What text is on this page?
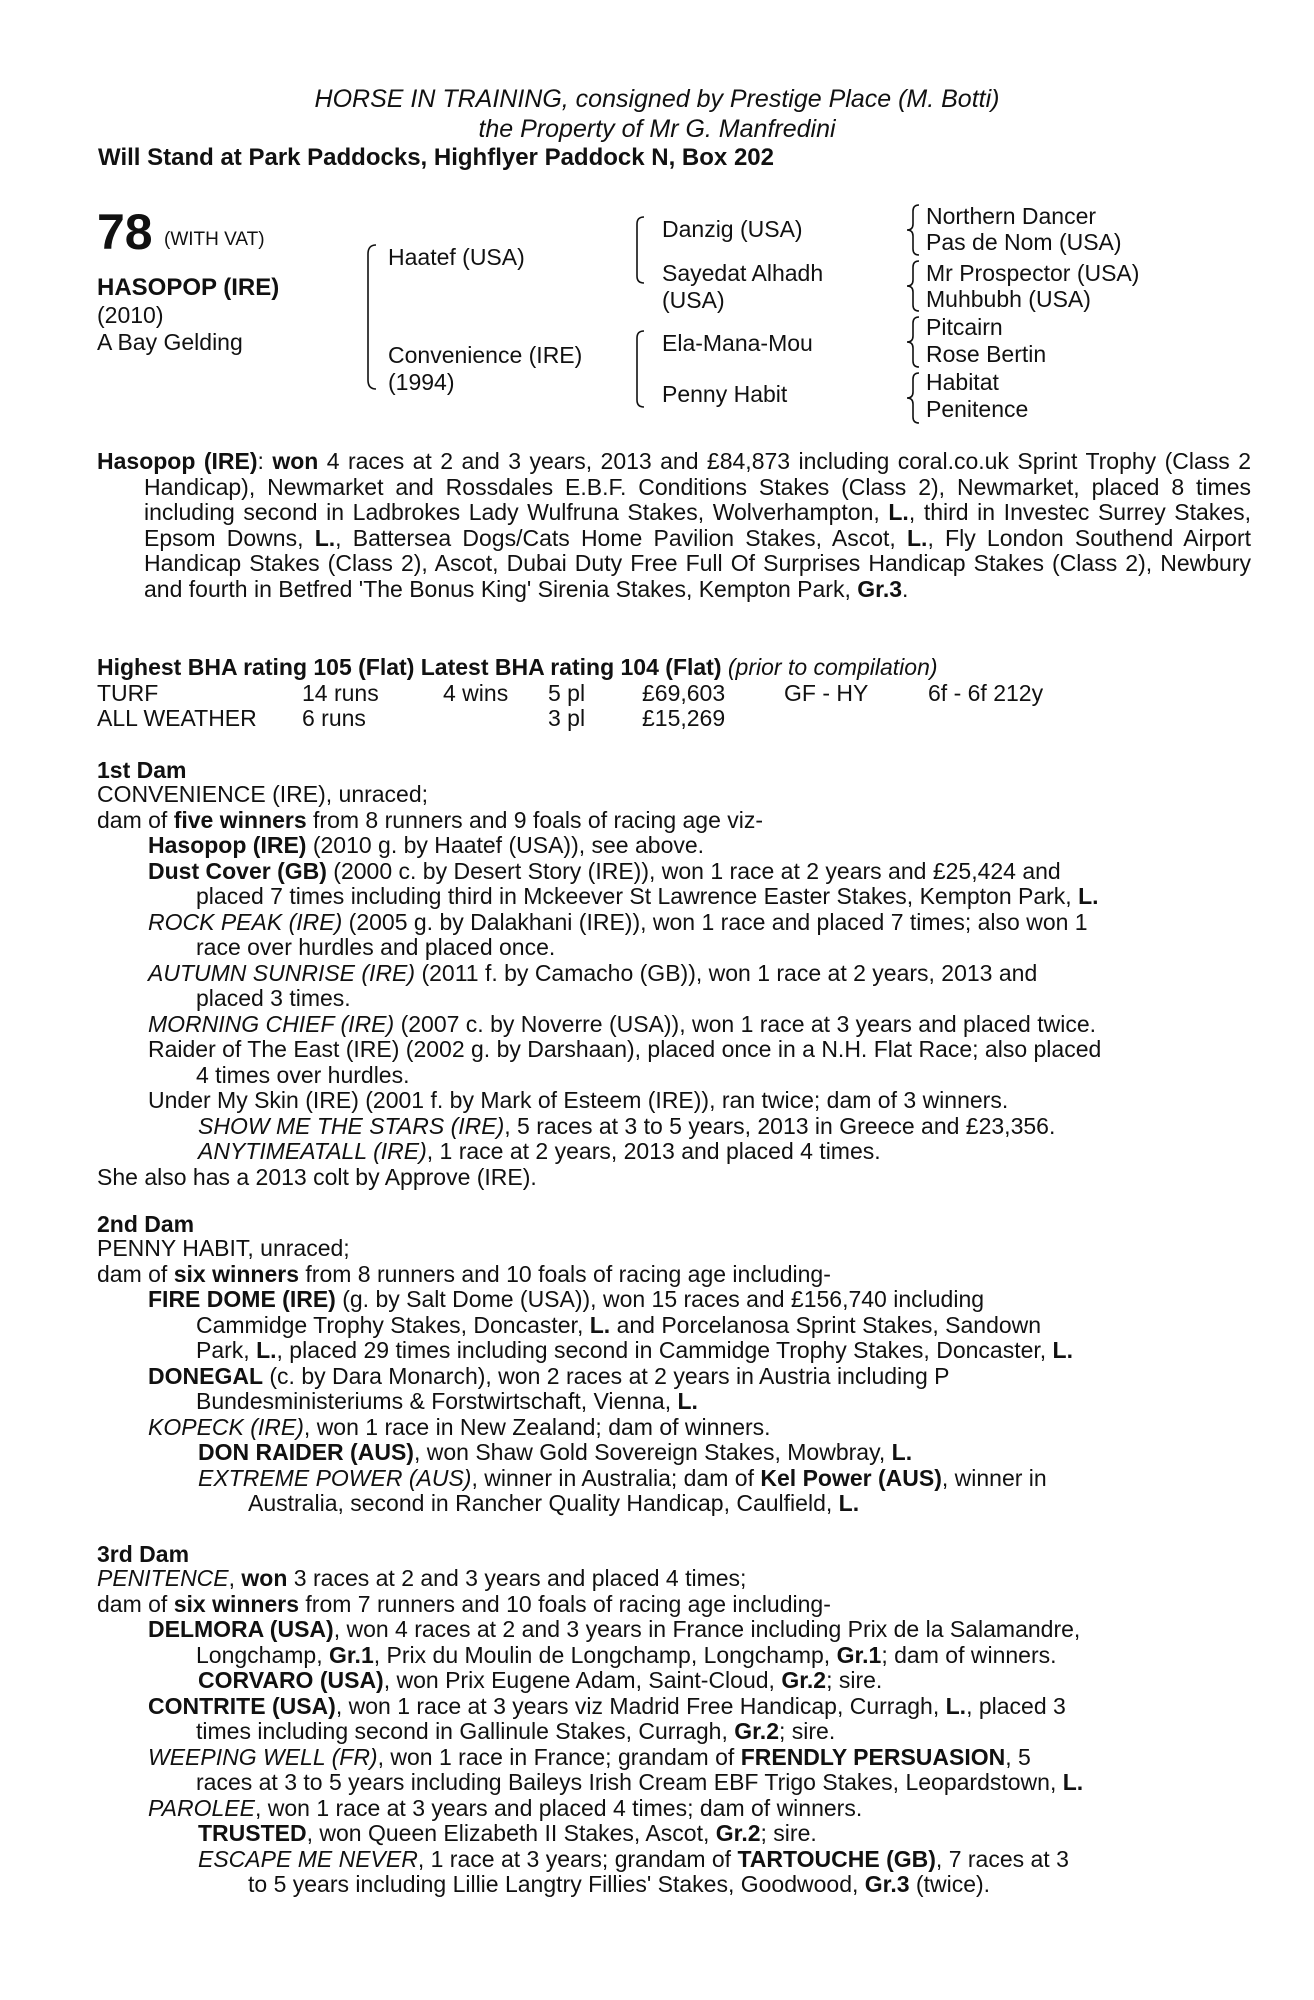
HORSE IN TRAINING, consigned by Prestige Place (M. Botti)
the Property of Mr G. Manfredini
Will Stand at Park Paddocks, Highflyer Paddock N, Box 202
78 (WITH VAT)
HASOPOP (IRE)
(2010)
A Bay Gelding
Haatef (USA)
Convenience (IRE)
(1994)
Danzig (USA)
Sayedat Alhadh
(USA)
Ela-Mana-Mou
Penny Habit
Northern Dancer
Pas de Nom (USA)
Mr Prospector (USA)
Muhbubh (USA)
Pitcairn
Rose Bertin
Habitat
Penitence
Hasopop (IRE): won 4 races at 2 and 3 years, 2013 and £84,873 including coral.co.uk Sprint Trophy (Class 2 Handicap), Newmarket and Rossdales E.B.F. Conditions Stakes (Class 2), Newmarket, placed 8 times including second in Ladbrokes Lady Wulfruna Stakes, Wolverhampton, L., third in Investec Surrey Stakes, Epsom Downs, L., Battersea Dogs/Cats Home Pavilion Stakes, Ascot, L., Fly London Southend Airport Handicap Stakes (Class 2), Ascot, Dubai Duty Free Full Of Surprises Handicap Stakes (Class 2), Newbury and fourth in Betfred 'The Bonus King' Sirenia Stakes, Kempton Park, Gr.3.
Highest BHA rating 105 (Flat) Latest BHA rating 104 (Flat) (prior to compilation)
TURF	14 runs	4 wins 5 pl £69,603	GF - HY	6f - 6f 212y
ALL WEATHER 6 runs	3 pl £15,269
1st Dam
CONVENIENCE (IRE), unraced;
dam of five winners from 8 runners and 9 foals of racing age viz-
Hasopop (IRE) (2010 g. by Haatef (USA)), see above.
Dust Cover (GB) (2000 c. by Desert Story (IRE)), won 1 race at 2 years and £25,424 and
placed 7 times including third in Mckeever St Lawrence Easter Stakes, Kempton Park, L.
ROCK PEAK (IRE) (2005 g. by Dalakhani (IRE)), won 1 race and placed 7 times; also won 1
race over hurdles and placed once.
AUTUMN SUNRISE (IRE) (2011 f. by Camacho (GB)), won 1 race at 2 years, 2013 and
placed 3 times.
MORNING CHIEF (IRE) (2007 c. by Noverre (USA)), won 1 race at 3 years and placed twice.
Raider of The East (IRE) (2002 g. by Darshaan), placed once in a N.H. Flat Race; also placed
4 times over hurdles.
Under My Skin (IRE) (2001 f. by Mark of Esteem (IRE)), ran twice; dam of 3 winners.
SHOW ME THE STARS (IRE), 5 races at 3 to 5 years, 2013 in Greece and £23,356.
ANYTIMEATALL (IRE), 1 race at 2 years, 2013 and placed 4 times.
She also has a 2013 colt by Approve (IRE).
2nd Dam
PENNY HABIT, unraced;
dam of six winners from 8 runners and 10 foals of racing age including-
FIRE DOME (IRE) (g. by Salt Dome (USA)), won 15 races and £156,740 including
Cammidge Trophy Stakes, Doncaster, L. and Porcelanosa Sprint Stakes, Sandown
Park, L., placed 29 times including second in Cammidge Trophy Stakes, Doncaster, L.
DONEGAL (c. by Dara Monarch), won 2 races at 2 years in Austria including P
Bundesministeriums & Forstwirtschaft, Vienna, L.
KOPECK (IRE), won 1 race in New Zealand; dam of winners.
DON RAIDER (AUS), won Shaw Gold Sovereign Stakes, Mowbray, L.
EXTREME POWER (AUS), winner in Australia; dam of Kel Power (AUS), winner in
Australia, second in Rancher Quality Handicap, Caulfield, L.
3rd Dam
PENITENCE, won 3 races at 2 and 3 years and placed 4 times;
dam of six winners from 7 runners and 10 foals of racing age including-
DELMORA (USA), won 4 races at 2 and 3 years in France including Prix de la Salamandre,
Longchamp, Gr.1, Prix du Moulin de Longchamp, Longchamp, Gr.1; dam of winners.
CORVARO (USA), won Prix Eugene Adam, Saint-Cloud, Gr.2; sire.
CONTRITE (USA), won 1 race at 3 years viz Madrid Free Handicap, Curragh, L., placed 3
times including second in Gallinule Stakes, Curragh, Gr.2; sire.
WEEPING WELL (FR), won 1 race in France; grandam of FRENDLY PERSUASION, 5
races at 3 to 5 years including Baileys Irish Cream EBF Trigo Stakes, Leopardstown, L.
PAROLEE, won 1 race at 3 years and placed 4 times; dam of winners.
TRUSTED, won Queen Elizabeth II Stakes, Ascot, Gr.2; sire.
ESCAPE ME NEVER, 1 race at 3 years; grandam of TARTOUCHE (GB), 7 races at 3
to 5 years including Lillie Langtry Fillies' Stakes, Goodwood, Gr.3 (twice).
